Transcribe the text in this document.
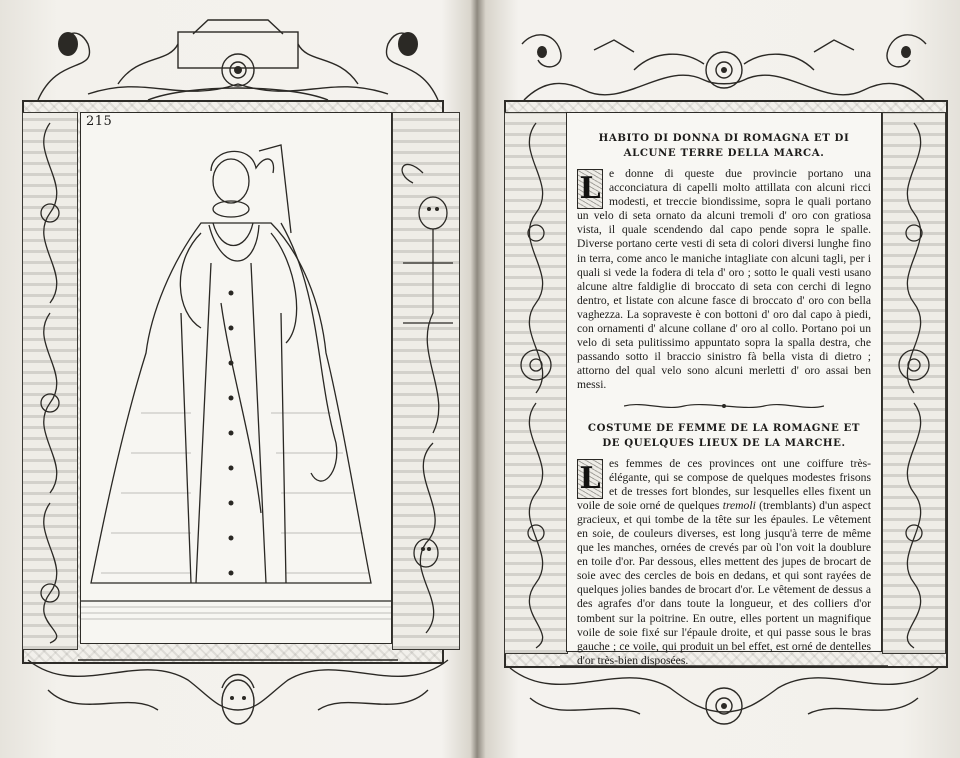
215
HABITO DI DONNA DI ROMAGNA ET DI ALCUNE TERRE DELLA MARCA.

L e donne di queste due provincie portano una acconciatura di capelli molto attillata con alcuni ricci modesti, et treccie biondissime, sopra le quali portano un velo di seta ornato da alcuni tremoli d' oro con gratiosa vista, il quale scendendo dal capo pende sopra le spalle. Diverse portano certe vesti di seta di colori diversi lunghe fino in terra, come anco le maniche intagliate con alcuni tagli, per i quali si vede la fodera di tela d' oro ; sotto le quali vesti usano alcune altre faldiglie di broccato di seta con cerchi di legno dentro, et listate con alcune fasce di broccato d' oro con bella vaghezza. La sopraveste è con bottoni d' oro dal capo à piedi, con ornamenti d' alcune collane d' oro al collo. Portano poi un velo di seta pulitissimo appuntato sopra la spalla destra, che passando sotto il braccio sinistro fà bella vista di dietro ; attorno del qual velo sono alcuni merletti d' oro assai ben messi.

COSTUME DE FEMME DE LA ROMAGNE ET DE QUELQUES LIEUX DE LA MARCHE.

L es femmes de ces provinces ont une coiffure très-élégante, qui se compose de quelques modestes frisons et de tresses fort blondes, sur lesquelles elles fixent un voile de soie orné de quelques tremoli (tremblants) d'un aspect gracieux, et qui tombe de la tête sur les épaules. Le vêtement en soie, de couleurs diverses, est long jusqu'à terre de même que les manches, ornées de crevés par où l'on voit la doublure en toile d'or. Par dessous, elles mettent des jupes de brocart de soie avec des cercles de bois en dedans, et qui sont rayées de quelques jolies bandes de brocart d'or. Le vêtement de dessus a des agrafes d'or dans toute la longueur, et des colliers d'or tombent sur la poitrine. En outre, elles portent un magnifique voile de soie fixé sur l'épaule droite, et qui passe sous le bras gauche ; ce voile, qui produit un bel effet, est orné de dentelles d'or très-bien disposées.
